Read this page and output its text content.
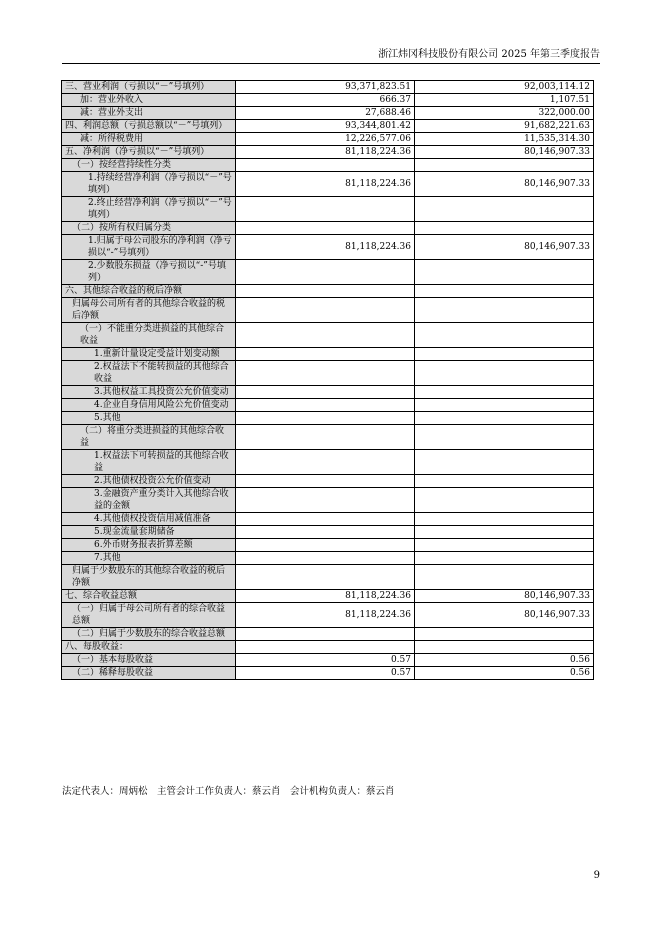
浙江炜冈科技股份有限公司 2025 年第三季度报告
三、营业利润（亏损以“－”号填列）	93,371,823.51	92,003,114.12
加：营业外收入	666.37	1,107.51
减：营业外支出	27,688.46	322,000.00
四、利润总额（亏损总额以“－”号填列）	93,344,801.42	91,682,221.63
减：所得税费用	12,226,577.06	11,535,314.30
五、净利润（净亏损以“－”号填列）	81,118,224.36	80,146,907.33
（一）按经营持续性分类		
1.持续经营净利润（净亏损以“－”号填列）	81,118,224.36	80,146,907.33
2.终止经营净利润（净亏损以“－”号填列）		
（二）按所有权归属分类		
1.归属于母公司股东的净利润（净亏损以“-”号填列）	81,118,224.36	80,146,907.33
2.少数股东损益（净亏损以“-”号填列）		
六、其他综合收益的税后净额		
归属母公司所有者的其他综合收益的税后净额		
（一）不能重分类进损益的其他综合收益		
1.重新计量设定受益计划变动额		
2.权益法下不能转损益的其他综合收益		
3.其他权益工具投资公允价值变动		
4.企业自身信用风险公允价值变动		
5.其他		
（二）将重分类进损益的其他综合收益		
1.权益法下可转损益的其他综合收益		
2.其他债权投资公允价值变动		
3.金融资产重分类计入其他综合收益的金额		
4.其他债权投资信用减值准备		
5.现金流量套期储备		
6.外币财务报表折算差额		
7.其他		
归属于少数股东的其他综合收益的税后净额		
七、综合收益总额	81,118,224.36	80,146,907.33
（一）归属于母公司所有者的综合收益总额	81,118,224.36	80,146,907.33
（二）归属于少数股东的综合收益总额		
八、每股收益：		
（一）基本每股收益	0.57	0.56
（二）稀释每股收益	0.57	0.56
法定代表人：周炳松　主管会计工作负责人：蔡云肖　会计机构负责人：蔡云肖
9
